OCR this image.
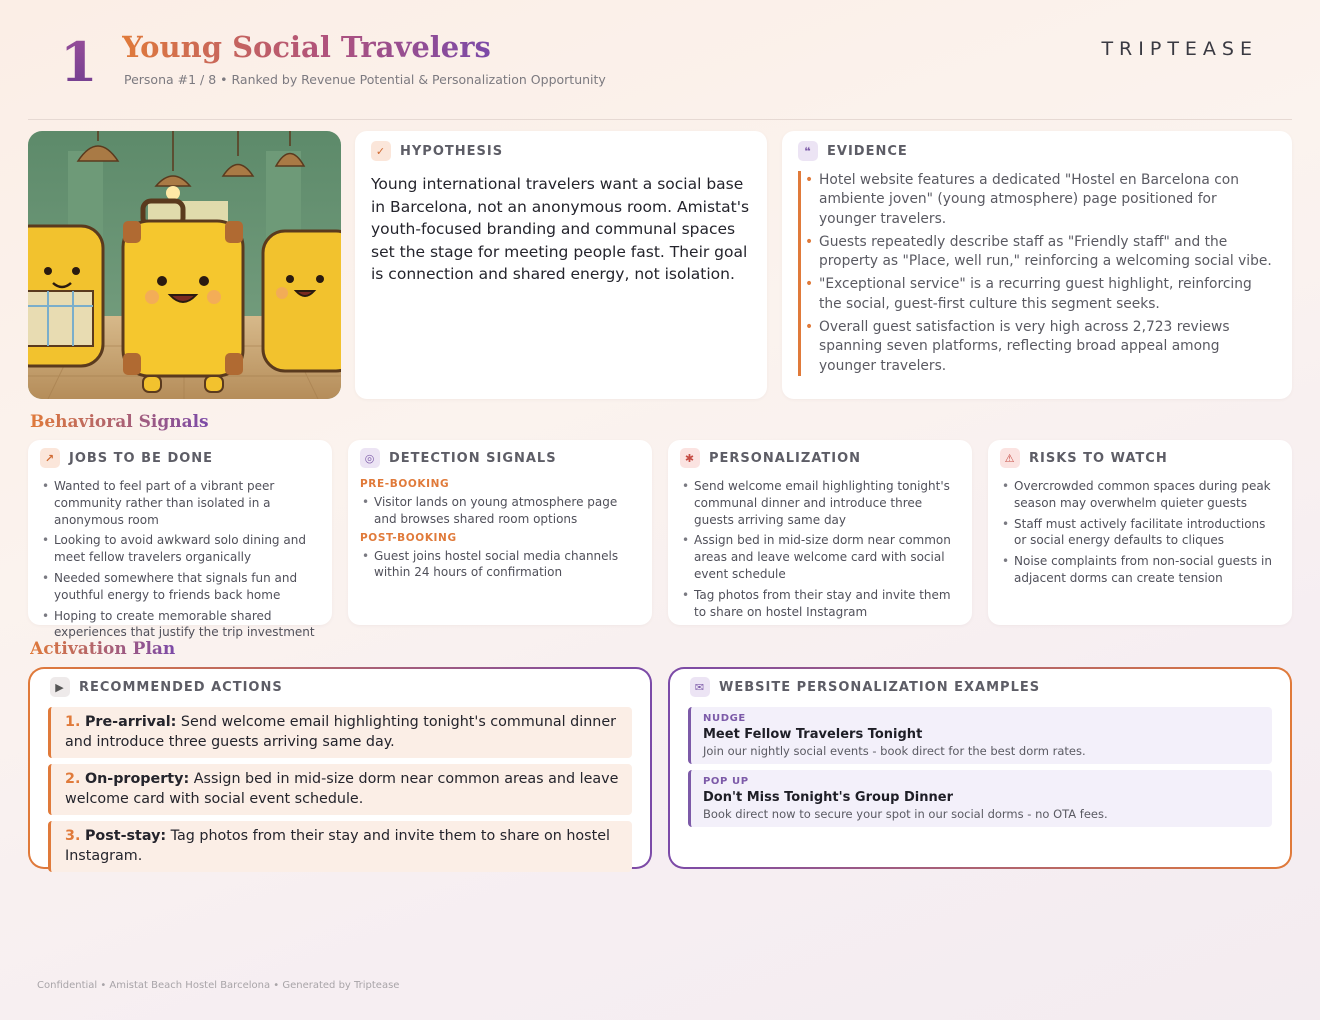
1 Young Social Travelers
Persona #1 / 8 • Ranked by Revenue Potential & Personalization Opportunity
TRIPTEASE
✓	HYPOTHESIS
Young international travelers want a social base in Barcelona, not an anonymous room. Amistat's youth-focused branding and communal spaces set the stage for meeting people fast. Their goal is connection and shared energy, not isolation.
❝	EVIDENCE
• Hotel website features a dedicated "Hostel en Barcelona con ambiente joven" (young atmosphere) page positioned for younger travelers.
• Guests repeatedly describe staff as "Friendly staff" and the property as "Place, well run," reinforcing a welcoming social vibe.
• "Exceptional service" is a recurring guest highlight, reinforcing the social, guest-first culture this segment seeks.
• Overall guest satisfaction is very high across 2,723 reviews spanning seven platforms, reflecting broad appeal among younger travelers.
Behavioral Signals
↗	JOBS TO BE DONE
• Wanted to feel part of a vibrant peer community rather than isolated in a anonymous room
• Looking to avoid awkward solo dining and meet fellow travelers organically
• Needed somewhere that signals fun and youthful energy to friends back home
• Hoping to create memorable shared experiences that justify the trip investment
◎	DETECTION SIGNALS
PRE-BOOKING
• Visitor lands on young atmosphere page and browses shared room options
POST-BOOKING
• Guest joins hostel social media channels within 24 hours of confirmation
✱	PERSONALIZATION
• Send welcome email highlighting tonight's communal dinner and introduce three guests arriving same day
• Assign bed in mid-size dorm near common areas and leave welcome card with social event schedule
• Tag photos from their stay and invite them to share on hostel Instagram
⚠	RISKS TO WATCH
• Overcrowded common spaces during peak season may overwhelm quieter guests
• Staff must actively facilitate introductions or social energy defaults to cliques
• Noise complaints from non-social guests in adjacent dorms can create tension
Activation Plan
▶	RECOMMENDED ACTIONS
1. Pre-arrival: Send welcome email highlighting tonight's communal dinner and introduce three guests arriving same day.
2. On-property: Assign bed in mid-size dorm near common areas and leave welcome card with social event schedule.
3. Post-stay: Tag photos from their stay and invite them to share on hostel Instagram.
✉	WEBSITE PERSONALIZATION EXAMPLES
NUDGE
Meet Fellow Travelers Tonight
Join our nightly social events - book direct for the best dorm rates.
POP UP
Don't Miss Tonight's Group Dinner
Book direct now to secure your spot in our social dorms - no OTA fees.
Confidential • Amistat Beach Hostel Barcelona • Generated by Triptease
